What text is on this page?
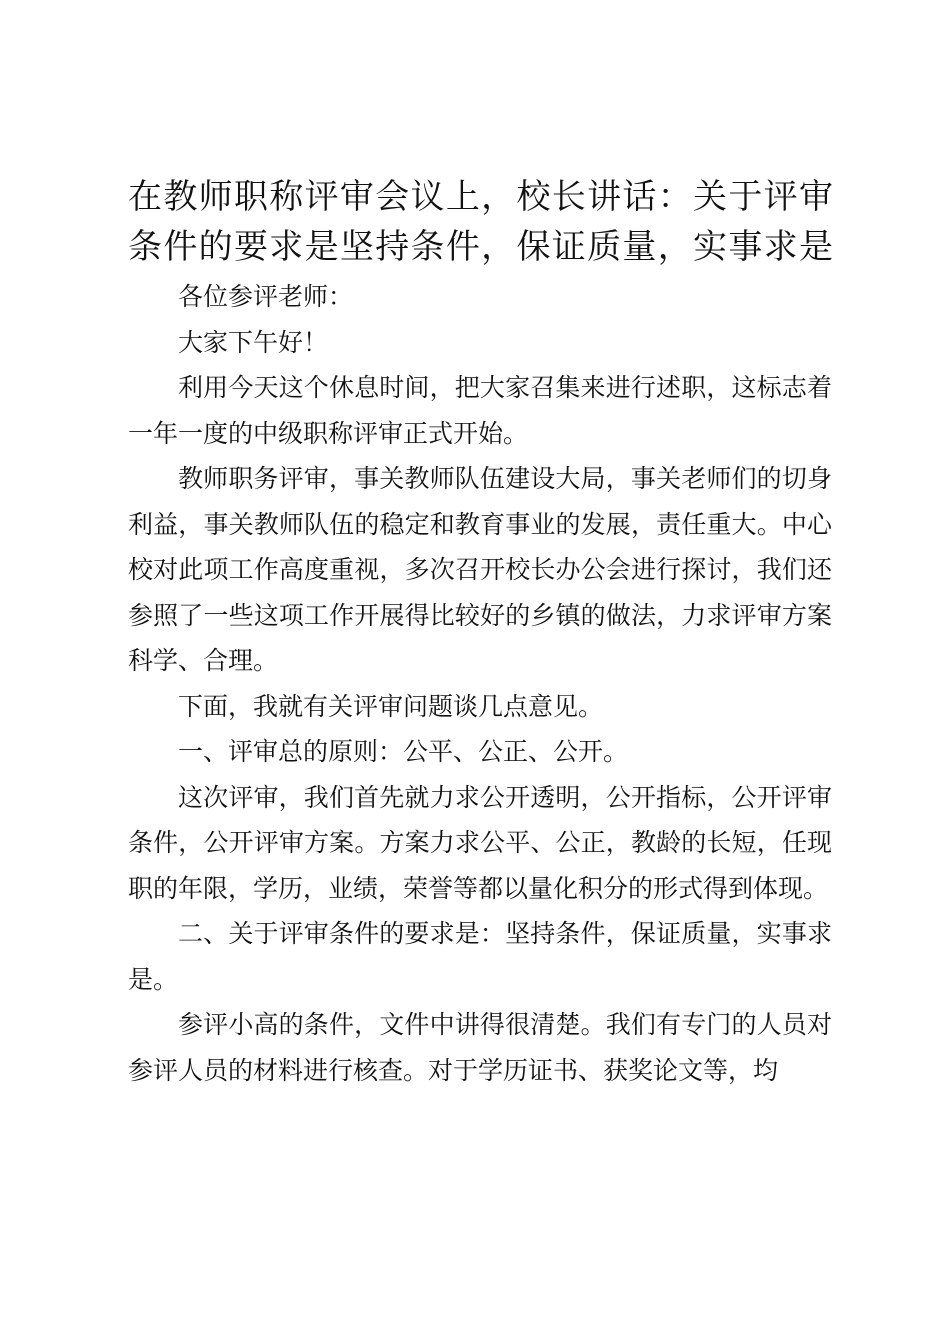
在教师职称评审会议上，校长讲话：关于评审
条件的要求是坚持条件，保证质量，实事求是

各位参评老师：

大家下午好！

利用今天这个休息时间，把大家召集来进行述职，这标志着一年一度的中级职称评审正式开始。

教师职务评审，事关教师队伍建设大局，事关老师们的切身利益，事关教师队伍的稳定和教育事业的发展，责任重大。中心校对此项工作高度重视，多次召开校长办公会进行探讨，我们还参照了一些这项工作开展得比较好的乡镇的做法，力求评审方案科学、合理。

下面，我就有关评审问题谈几点意见。

一、评审总的原则：公平、公正、公开。

这次评审，我们首先就力求公开透明，公开指标，公开评审条件，公开评审方案。方案力求公平、公正，教龄的长短，任现职的年限，学历，业绩，荣誉等都以量化积分的形式得到体现。

二、关于评审条件的要求是：坚持条件，保证质量，实事求是。

参评小高的条件，文件中讲得很清楚。我们有专门的人员对参评人员的材料进行核查。对于学历证书、获奖论文等，均
